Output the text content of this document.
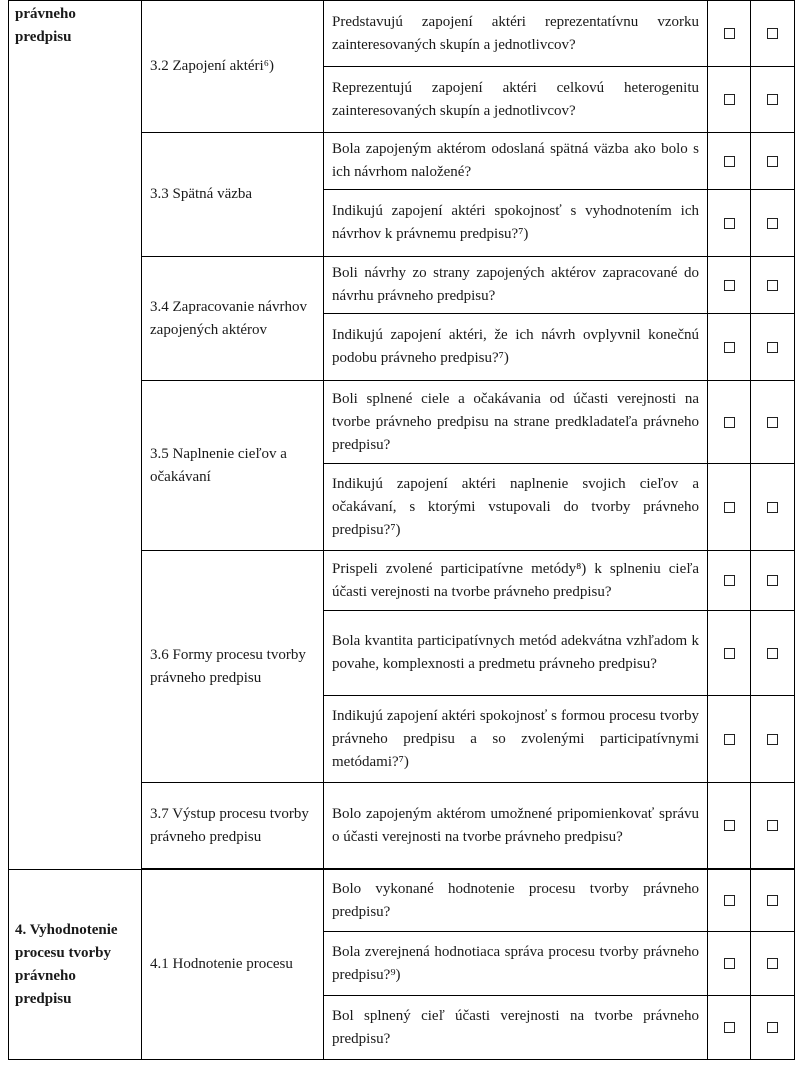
právneho predpisu	3.2 Zapojení aktéri⁶)	Predstavujú zapojení aktéri reprezentatívnu vzorku zainteresovaných skupín a jednotlivcov?		
		Reprezentujú zapojení aktéri celkovú heterogenitu zainteresovaných skupín a jednotlivcov?		
	3.3 Spätná väzba	Bola zapojeným aktérom odoslaná spätná väzba ako bolo s ich návrhom naložené?		
		Indikujú zapojení aktéri spokojnosť s vyhodnotením ich návrhov k právnemu predpisu?⁷)		
	3.4 Zapracovanie návrhov zapojených aktérov	Boli návrhy zo strany zapojených aktérov zapracované do návrhu právneho predpisu?		
		Indikujú zapojení aktéri, že ich návrh ovplyvnil konečnú podobu právneho predpisu?⁷)		
	3.5 Naplnenie cieľov a očakávaní	Boli splnené ciele a očakávania od účasti verejnosti na tvorbe právneho predpisu na strane predkladateľa právneho predpisu?		
		Indikujú zapojení aktéri naplnenie svojich cieľov a očakávaní, s ktorými vstupovali do tvorby právneho predpisu?⁷)		
	3.6 Formy procesu tvorby právneho predpisu	Prispeli zvolené participatívne metódy⁸) k splneniu cieľa účasti verejnosti na tvorbe právneho predpisu?		
		Bola kvantita participatívnych metód adekvátna vzhľadom k povahe, komplexnosti a predmetu právneho predpisu?		
		Indikujú zapojení aktéri spokojnosť s formou procesu tvorby právneho predpisu a so zvolenými participatívnymi metódami?⁷)		
	3.7 Výstup procesu tvorby právneho predpisu	Bolo zapojeným aktérom umožnené pripomienkovať správu o účasti verejnosti na tvorbe právneho predpisu?		

4. Vyhodnotenie procesu tvorby právneho predpisu	4.1 Hodnotenie procesu	Bolo vykonané hodnotenie procesu tvorby právneho predpisu?		
		Bola zverejnená hodnotiaca správa procesu tvorby právneho predpisu?⁹)		
		Bol splnený cieľ účasti verejnosti na tvorbe právneho predpisu?		
